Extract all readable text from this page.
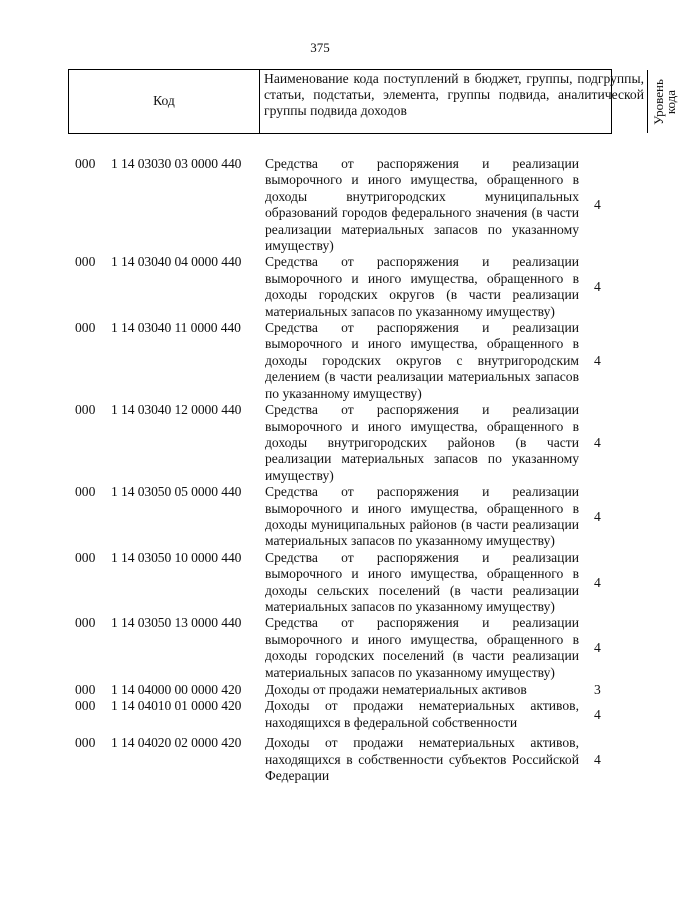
375
Код
Наименование кода поступлений в бюджет, группы, подгруппы, статьи, подстатьи, элемента, группы подвида, аналитической группы подвида доходов	Уровень
кода
000 1 14 03030 03 0000 440
4
Средства от распоряжения и реализации выморочного и иного имущества, обращенного в доходы внутригородских муниципальных образований городов федерального значения (в части реализации материальных запасов по указанному имуществу)
000 1 14 03040 04 0000 440
4
Средства от распоряжения и реализации выморочного и иного имущества, обращенного в доходы городских округов (в части реализации материальных запасов по указанному имуществу)
000 1 14 03040 11 0000 440
4
Средства от распоряжения и реализации выморочного и иного имущества, обращенного в доходы городских округов с внутригородским делением (в части реализации материальных запасов по указанному имуществу)
000 1 14 03040 12 0000 440
4
Средства от распоряжения и реализации выморочного и иного имущества, обращенного в доходы внутригородских районов (в части реализации материальных запасов по указанному имуществу)
000 1 14 03050 05 0000 440
4
Средства от распоряжения и реализации выморочного и иного имущества, обращенного в доходы муниципальных районов (в части реализации материальных запасов по указанному имуществу)
000 1 14 03050 10 0000 440
4
Средства от распоряжения и реализации выморочного и иного имущества, обращенного в доходы сельских поселений (в части реализации материальных запасов по указанному имуществу)
000 1 14 03050 13 0000 440
4
Средства от распоряжения и реализации выморочного и иного имущества, обращенного в доходы городских поселений (в части реализации материальных запасов по указанному имуществу)
000 1 14 04000 00 0000 420	3
Доходы от продажи нематериальных активов
000 1 14 04010 01 0000 420
4
Доходы от продажи нематериальных активов, находящихся в федеральной собственности
000 1 14 04020 02 0000 420
4
Доходы от продажи нематериальных активов, находящихся в собственности субъектов Российской Федерации
